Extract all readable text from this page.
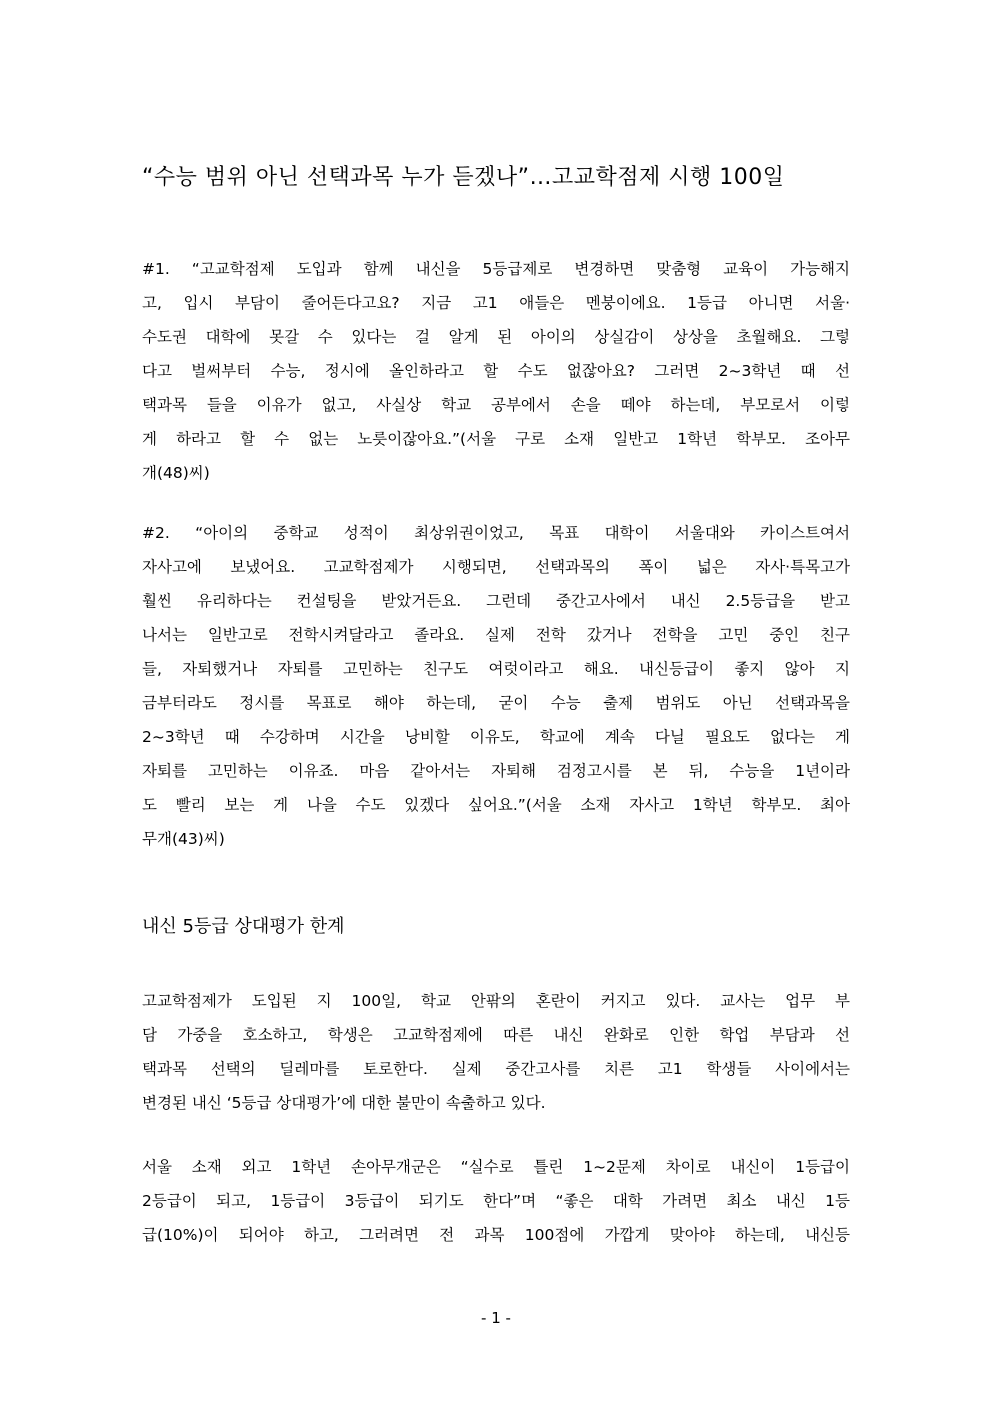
“수능 범위 아닌 선택과목 누가 듣겠나”…고교학점제 시행 100일

#1. “고교학점제 도입과 함께 내신을 5등급제로 변경하면 맞춤형 교육이 가능해지
고, 입시 부담이 줄어든다고요? 지금 고1 애들은 멘붕이에요. 1등급 아니면 서울·
수도권 대학에 못갈 수 있다는 걸 알게 된 아이의 상실감이 상상을 초월해요. 그렇
다고 벌써부터 수능, 정시에 올인하라고 할 수도 없잖아요? 그러면 2~3학년 때 선
택과목 들을 이유가 없고, 사실상 학교 공부에서 손을 떼야 하는데, 부모로서 이렇
게 하라고 할 수 없는 노릇이잖아요.”(서울 구로 소재 일반고 1학년 학부모. 조아무
개(48)씨)

#2. “아이의 중학교 성적이 최상위권이었고, 목표 대학이 서울대와 카이스트여서
자사고에 보냈어요. 고교학점제가 시행되면, 선택과목의 폭이 넓은 자사·특목고가
훨씬 유리하다는 컨설팅을 받았거든요. 그런데 중간고사에서 내신 2.5등급을 받고
나서는 일반고로 전학시켜달라고 졸라요. 실제 전학 갔거나 전학을 고민 중인 친구
들, 자퇴했거나 자퇴를 고민하는 친구도 여럿이라고 해요. 내신등급이 좋지 않아 지
금부터라도 정시를 목표로 해야 하는데, 굳이 수능 출제 범위도 아닌 선택과목을
2~3학년 때 수강하며 시간을 낭비할 이유도, 학교에 계속 다닐 필요도 없다는 게
자퇴를 고민하는 이유죠. 마음 같아서는 자퇴해 검정고시를 본 뒤, 수능을 1년이라
도 빨리 보는 게 나을 수도 있겠다 싶어요.”(서울 소재 자사고 1학년 학부모. 최아
무개(43)씨)

내신 5등급 상대평가 한계

고교학점제가 도입된 지 100일, 학교 안팎의 혼란이 커지고 있다. 교사는 업무 부
담 가중을 호소하고, 학생은 고교학점제에 따른 내신 완화로 인한 학업 부담과 선
택과목 선택의 딜레마를 토로한다. 실제 중간고사를 치른 고1 학생들 사이에서는
변경된 내신 ‘5등급 상대평가’에 대한 불만이 속출하고 있다.

서울 소재 외고 1학년 손아무개군은 “실수로 틀린 1~2문제 차이로 내신이 1등급이
2등급이 되고, 1등급이 3등급이 되기도 한다”며 “좋은 대학 가려면 최소 내신 1등
급(10%)이 되어야 하고, 그러려면 전 과목 100점에 가깝게 맞아야 하는데, 내신등

- 1 -
